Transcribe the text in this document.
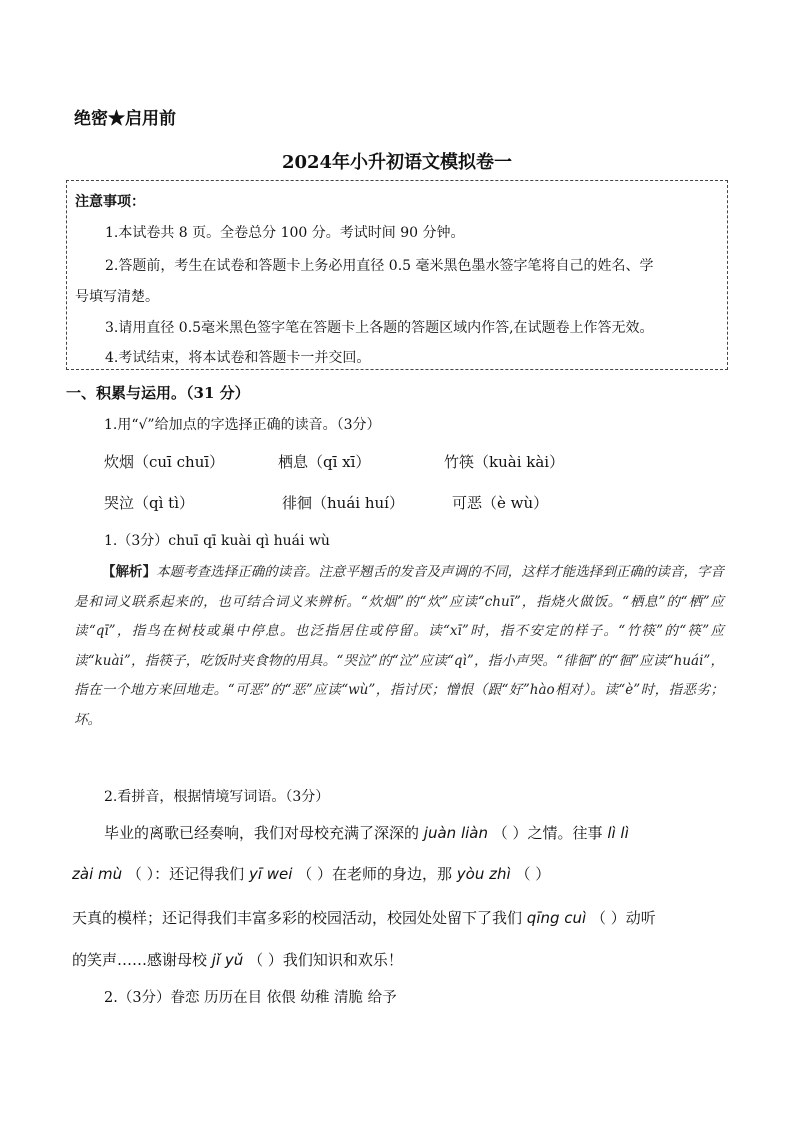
绝密★启用前
2024年小升初语文模拟卷一
注意事项：
1.本试卷共 8 页。全卷总分 100 分。考试时间 90 分钟。
2.答题前，考生在试卷和答题卡上务必用直径 0.5 毫米黑色墨水签字笔将自己的姓名、学
号填写清楚。
3.请用直径 0.5毫米黑色签字笔在答题卡上各题的答题区域内作答,在试题卷上作答无效。
4.考试结束，将本试卷和答题卡一并交回。
一、积累与运用。（31 分）
1.用“√”给加点的字选择正确的读音。（3分）
炊烟（cuī chuī）	栖息（qī xī）	竹筷（kuài kài）
哭泣（qì tì）	徘徊（huái huí）	可恶（è wù）
1.（3分）chuī qī kuài qì huái wù

【解析】本题考查选择正确的读音。注意平翘舌的发音及声调的不同，这样才能选择到正确的读音，字音是和词义联系起来的，也可结合词义来辨析。“炊烟”的“炊”应读“chuī”，指烧火做饭。“栖息”的“栖”应读“qī”，指鸟在树枝或巢中停息。也泛指居住或停留。读“xī”时，指不安定的样子。“竹筷”的“筷”应读“kuài”，指筷子，吃饭时夹食物的用具。“哭泣”的“泣”应读“qì”，指小声哭。“徘徊”的“徊”应读“huái”，指在一个地方来回地走。“可恶”的“恶”应读“wù”，指讨厌；憎恨（跟“好”hào相对）。读“è”时，指恶劣；坏。

2.看拼音，根据情境写词语。（3分）
毕业的离歌已经奏响，我们对母校充满了深深的 juàn liàn （ ）之情。往事 lì lì
zài mù （ ）：还记得我们 yī wei （ ）在老师的身边，那 yòu zhì （ ）
天真的模样；还记得我们丰富多彩的校园活动，校园处处留下了我们 qīng cuì （ ）动听
的笑声……感谢母校 jǐ yǔ （ ）我们知识和欢乐！
2.（3分）眷恋 历历在目 依偎 幼稚 清脆 给予
